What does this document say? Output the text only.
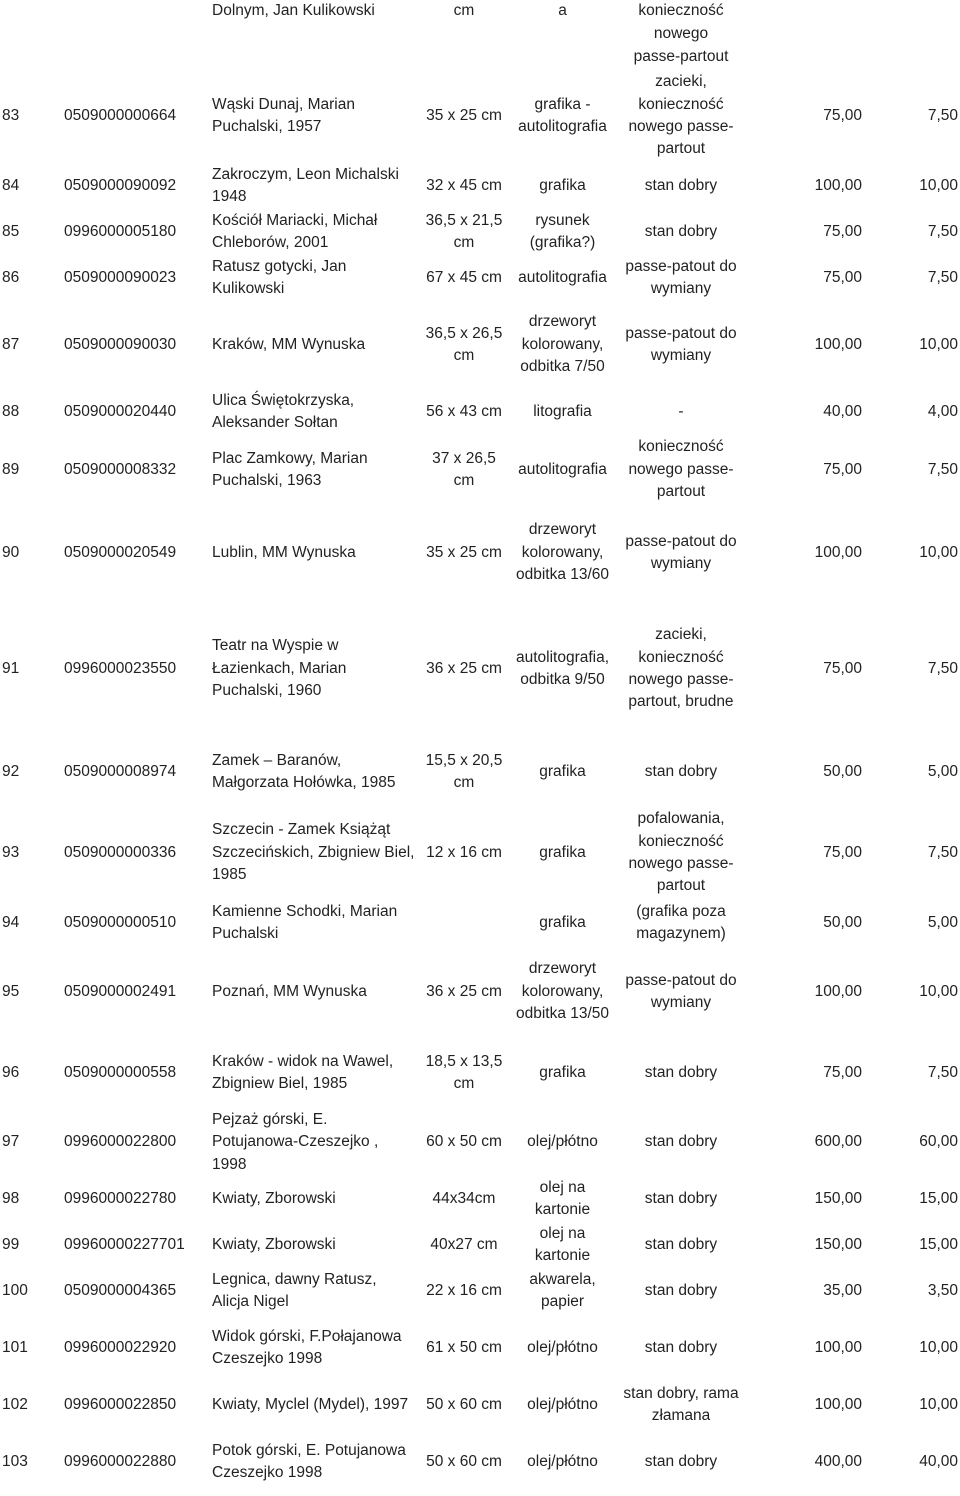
		Dolnym, Jan Kulikowski	cm	a	konieczność		
					nowego		
					passe-partout		
83	0509000000664	Wąski Dunaj, Marian Puchalski, 1957	35 x 25 cm	grafika - autolitografia	zacieki, konieczność nowego passe-partout	75,00	7,50
84	0509000090092	Zakroczym, Leon Michalski 1948	32 x 45 cm	grafika	stan dobry	100,00	10,00
85	0996000005180	Kościół Mariacki, Michał Chleborów, 2001	36,5 x 21,5 cm	rysunek (grafika?)	stan dobry	75,00	7,50
86	0509000090023	Ratusz gotycki, Jan Kulikowski	67 x 45 cm	autolitografia	passe-patout do wymiany	75,00	7,50
87	0509000090030	Kraków, MM Wynuska	36,5 x 26,5 cm	drzeworyt kolorowany, odbitka 7/50	passe-patout do wymiany	100,00	10,00
88	0509000020440	Ulica Świętokrzyska, Aleksander Sołtan	56 x 43 cm	litografia	-	40,00	4,00
89	0509000008332	Plac Zamkowy, Marian Puchalski, 1963	37 x 26,5 cm	autolitografia	konieczność nowego passe-partout	75,00	7,50
90	0509000020549	Lublin, MM Wynuska	35 x 25 cm	drzeworyt kolorowany, odbitka 13/60	passe-patout do wymiany	100,00	10,00
91	0996000023550	Teatr na Wyspie w Łazienkach, Marian Puchalski, 1960	36 x 25 cm	autolitografia, odbitka 9/50	zacieki, konieczność nowego passe-partout, brudne	75,00	7,50
92	0509000008974	Zamek – Baranów, Małgorzata Hołówka, 1985	15,5 x 20,5 cm	grafika	stan dobry	50,00	5,00
93	0509000000336	Szczecin - Zamek Książąt Szczecińskich, Zbigniew Biel, 1985	12 x 16 cm	grafika	pofalowania, konieczność nowego passe-partout	75,00	7,50
94	0509000000510	Kamienne Schodki, Marian Puchalski		grafika	(grafika poza magazynem)	50,00	5,00
95	0509000002491	Poznań, MM Wynuska	36 x 25 cm	drzeworyt kolorowany, odbitka 13/50	passe-patout do wymiany	100,00	10,00
96	0509000000558	Kraków - widok na Wawel, Zbigniew Biel, 1985	18,5 x 13,5 cm	grafika	stan dobry	75,00	7,50
97	0996000022800	Pejzaż górski, E. Potujanowa-Czeszejko , 1998	60 x 50 cm	olej/płótno	stan dobry	600,00	60,00
98	0996000022780	Kwiaty, Zborowski	44x34cm	olej na kartonie	stan dobry	150,00	15,00
99	09960000227701	Kwiaty, Zborowski	40x27 cm	olej na kartonie	stan dobry	150,00	15,00
100	0509000004365	Legnica, dawny Ratusz, Alicja Nigel	22 x 16 cm	akwarela, papier	stan dobry	35,00	3,50
101	0996000022920	Widok górski, F.Połajanowa Czeszejko 1998	61 x 50 cm	olej/płótno	stan dobry	100,00	10,00
102	0996000022850	Kwiaty, Myclel (Mydel), 1997	50 x 60 cm	olej/płótno	stan dobry, rama złamana	100,00	10,00
103	0996000022880	Potok górski, E. Potujanowa Czeszejko 1998	50 x 60 cm	olej/płótno	stan dobry	400,00	40,00
